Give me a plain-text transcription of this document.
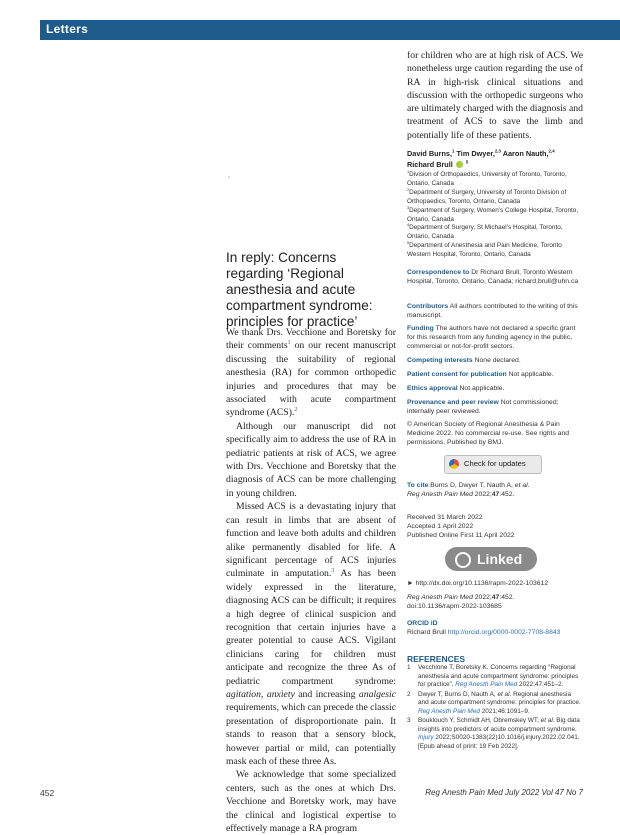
Letters
In reply: Concerns regarding ‘Regional anesthesia and acute compartment syndrome: principles for practice’

We thank Drs. Vecchione and Boretsky for their comments$^1$ on our recent manuscript discussing the suitability of regional anesthesia (RA) for common orthopedic injuries and procedures that may be associated with acute compartment syndrome (ACS).$^2$

Although our manuscript did not specifically aim to address the use of RA in pediatric patients at risk of ACS, we agree with Drs. Vecchione and Boretsky that the diagnosis of ACS can be more challenging in young children.

Missed ACS is a devastating injury that can result in limbs that are absent of function and leave both adults and children alike permanently disabled for life. A significant percentage of ACS injuries culminate in amputation.$^3$ As has been widely expressed in the literature, diagnosing ACS can be difficult; it requires a high degree of clinical suspicion and recognition that certain injuries have a greater potential to cause ACS. Vigilant clinicians caring for children must anticipate and recognize the three As of pediatric compartment syndrome: agitation, anxiety and increasing analgesic requirements, which can precede the classic presentation of disproportionate pain. It stands to reason that a sensory block, however partial or mild, can potentially mask each of these three As.

We acknowledge that some specialized centers, such as the ones at which Drs. Vecchione and Boretsky work, may have the clinical and logistical expertise to effectively manage a RA program

for children who are at high risk of ACS. We nonetheless urge caution regarding the use of RA in high-risk clinical situations and discussion with the orthopedic surgeons who are ultimately charged with the diagnosis and treatment of ACS to save the limb and potentially life of these patients.

David Burns,$^1$ Tim Dwyer,$^{2,3}$ Aaron Nauth,$^{2,4}$
Richard Brull	$^5$

$^1$Division of Orthopaedics, University of Toronto, Toronto, Ontario, Canada

$^2$Department of Surgery, University of Toronto Division of Orthopaedics, Toronto, Ontario, Canada

$^3$Department of Surgery, Women’s College Hospital, Toronto, Ontario, Canada

$^4$Department of Surgery, St Michael’s Hospital, Toronto, Ontario, Canada

$^5$Department of Anesthesia and Pain Medicine, Toronto Western Hospital, Toronto, Ontario, Canada

Correspondence to Dr Richard Brull, Toronto Western Hospital, Toronto, Ontario, Canada; richard.brull@uhn.ca
Contributors All authors contributed to the writing of this manuscript.
Funding The authors have not declared a specific grant for this research from any funding agency in the public, commercial or not-for-profit sectors.
Competing interests None declared.
Patient consent for publication Not applicable.
Ethics approval Not applicable.
Provenance and peer review Not commissioned; internally peer reviewed.
© American Society of Regional Anesthesia & Pain Medicine 2022. No commercial re-use. See rights and permissions. Published by BMJ.
Check for updates
To cite Burns D, Dwyer T, Nauth A, et al.
Reg Anesth Pain Med 2022;47:452.

Received 31 March 2022

Accepted 1 April 2022

Published Online First 11 April 2022

Linked
► http://dx.doi.org/10.1136/rapm-2022-103612
Reg Anesth Pain Med 2022;47:452.
doi:10.1136/rapm-2022-103685
ORCID iD
Richard Brull http://orcid.org/0000-0002-7708-8843
REFERENCES
1 Vecchione T, Boretsky K. Concerns regarding “Regional anesthesia and acute compartment syndrome: principles for practice”. Reg Anesth Pain Med 2022;47:451–2.
2 Dwyer T, Burns D, Nauth A, et al. Regional anesthesia and acute compartment syndrome: principles for practice. Reg Anesth Pain Med 2021;46:1091–9.
3 Bouklouch Y, Schmidt AH, Obremskey WT, et al. Big data insights into predictors of acute compartment syndrome. Injury 2022;S0020-1383(22)10.1016/j.injury.2022.02.041. [Epub ahead of print: 19 Feb 2022].
452	Reg Anesth Pain Med July 2022 Vol 47 No 7
